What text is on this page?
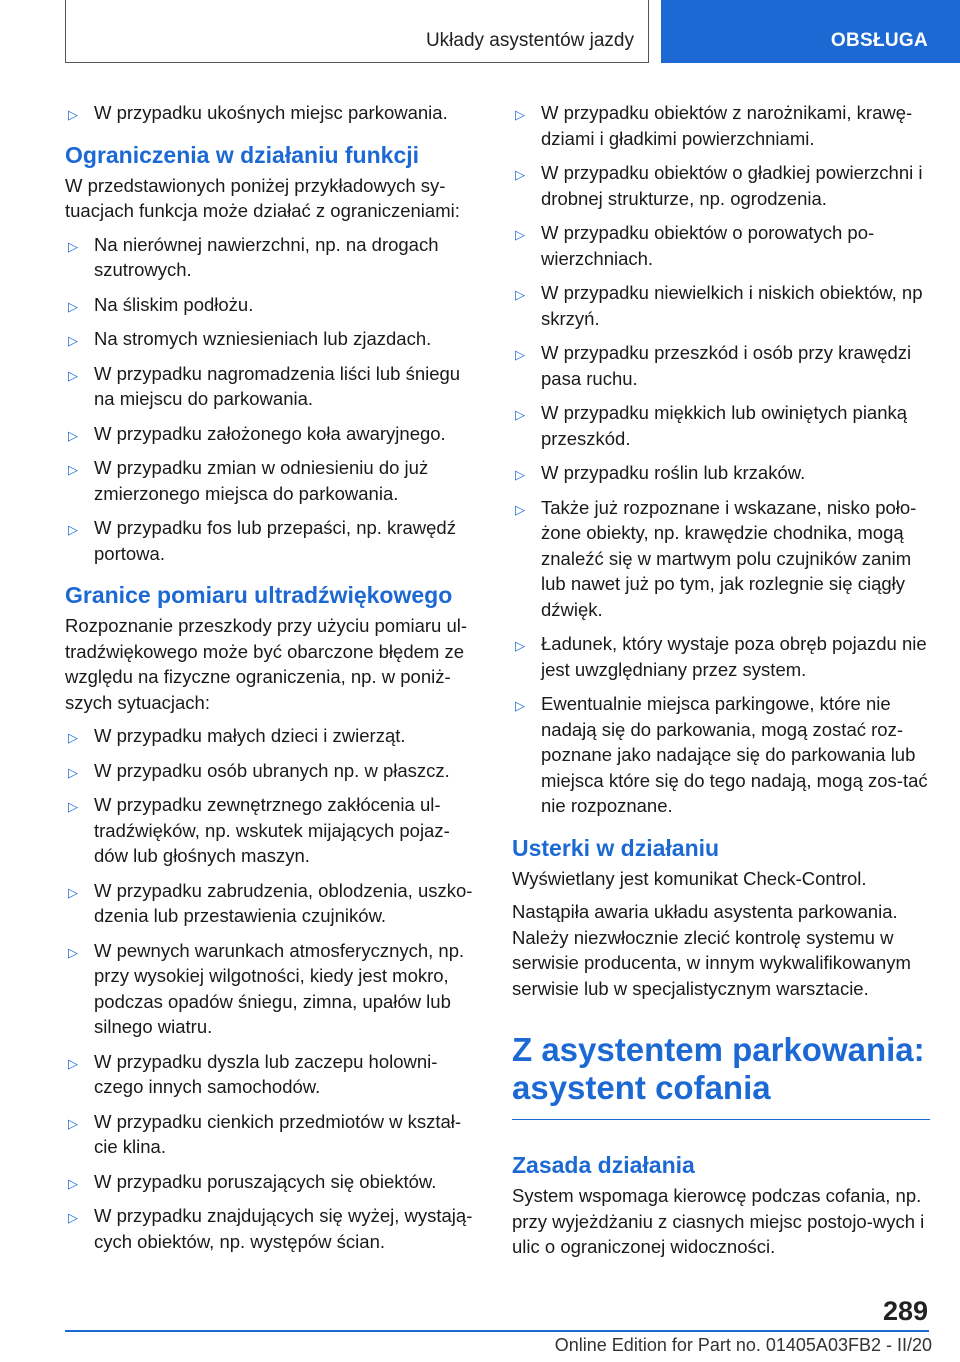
Układy asystentów jazdy	OBSŁUGA
▷ W przypadku ukośnych miejsc parkowania.
Ograniczenia w działaniu funkcji

W przedstawionych poniżej przykładowych sy-tuacjach funkcja może działać z ograniczeniami:

▷ Na nierównej nawierzchni, np. na drogach szutrowych.
▷ Na śliskim podłożu.
▷ Na stromych wzniesieniach lub zjazdach.
▷ W przypadku nagromadzenia liści lub śniegu na miejscu do parkowania.
▷ W przypadku założonego koła awaryjnego.
▷ W przypadku zmian w odniesieniu do już zmierzonego miejsca do parkowania.
▷ W przypadku fos lub przepaści, np. krawędź portowa.
Granice pomiaru ultradźwiękowego

Rozpoznanie przeszkody przy użyciu pomiaru ul-tradźwiękowego może być obarczone błędem ze względu na fizyczne ograniczenia, np. w poniż-szych sytuacjach:

▷ W przypadku małych dzieci i zwierząt.
▷ W przypadku osób ubranych np. w płaszcz.
▷ W przypadku zewnętrznego zakłócenia ul-tradźwięków, np. wskutek mijających pojaz-dów lub głośnych maszyn.
▷ W przypadku zabrudzenia, oblodzenia, uszko-dzenia lub przestawienia czujników.
▷ W pewnych warunkach atmosferycznych, np. przy wysokiej wilgotności, kiedy jest mokro, podczas opadów śniegu, zimna, upałów lub silnego wiatru.
▷ W przypadku dyszla lub zaczepu holowni-czego innych samochodów.
▷ W przypadku cienkich przedmiotów w kształ-cie klina.
▷ W przypadku poruszających się obiektów.
▷ W przypadku znajdujących się wyżej, wystają-cych obiektów, np. występów ścian.
▷ W przypadku obiektów z narożnikami, krawę-dziami i gładkimi powierzchniami.
▷ W przypadku obiektów o gładkiej powierzchni i drobnej strukturze, np. ogrodzenia.
▷ W przypadku obiektów o porowatych po-wierzchniach.
▷ W przypadku niewielkich i niskich obiektów, np skrzyń.
▷ W przypadku przeszkód i osób przy krawędzi pasa ruchu.
▷ W przypadku miękkich lub owiniętych pianką przeszkód.
▷ W przypadku roślin lub krzaków.
▷ Także już rozpoznane i wskazane, nisko poło-żone obiekty, np. krawędzie chodnika, mogą znaleźć się w martwym polu czujników zanim lub nawet już po tym, jak rozlegnie się ciągły dźwięk.
▷ Ładunek, który wystaje poza obręb pojazdu nie jest uwzględniany przez system.
▷ Ewentualnie miejsca parkingowe, które nie nadają się do parkowania, mogą zostać roz-poznane jako nadające się do parkowania lub miejsca które się do tego nadają, mogą zos-tać nie rozpoznane.
Usterki w działaniu

Wyświetlany jest komunikat Check-Control.

Nastąpiła awaria układu asystenta parkowania. Należy niezwłocznie zlecić kontrolę systemu w serwisie producenta, w innym wykwalifikowanym serwisie lub w specjalistycznym warsztacie.

Z asystentem parkowania: asystent cofania
Zasada działania

System wspomaga kierowcę podczas cofania, np. przy wyjeżdżaniu z ciasnych miejsc postojo-wych i ulic o ograniczonej widoczności.

289
Online Edition for Part no. 01405A03FB2 - II/20
